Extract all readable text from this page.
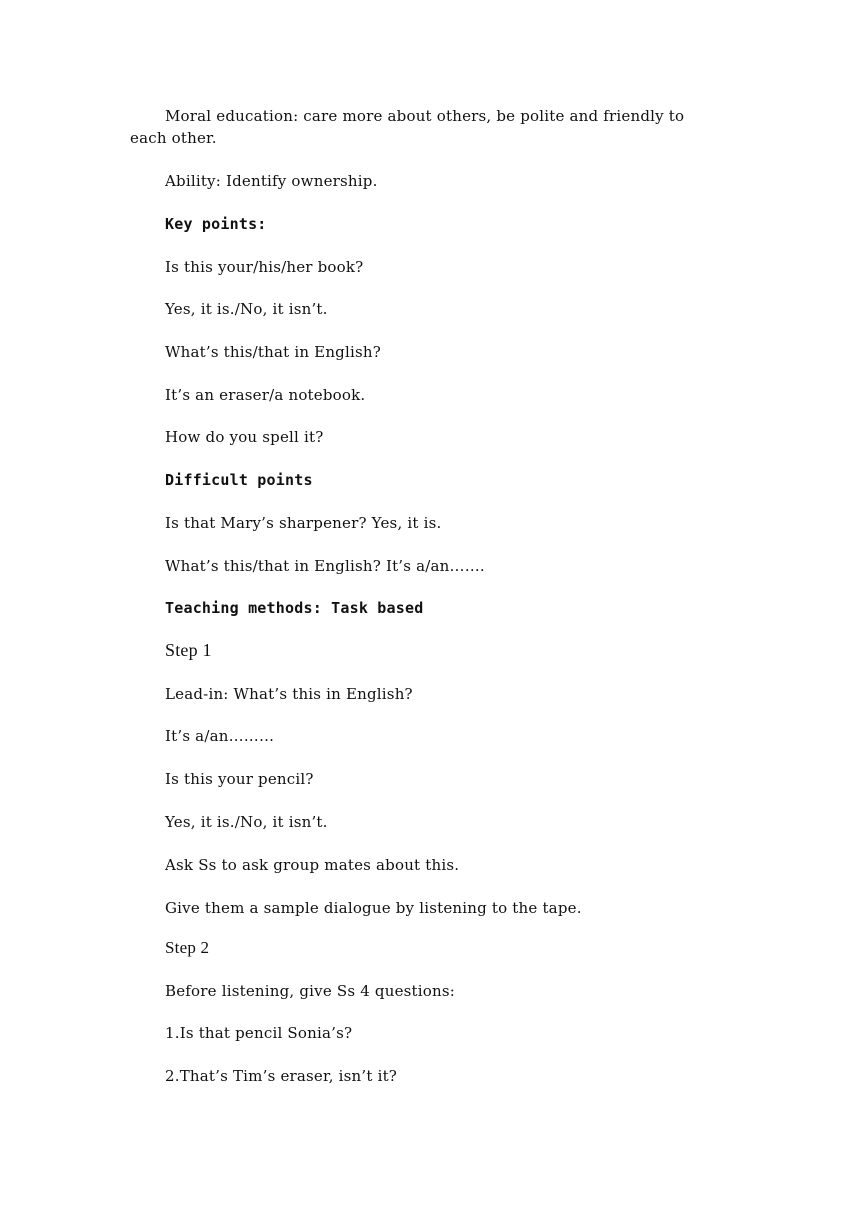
Moral education: care more about others, be polite and friendly to
each other.
Ability: Identify ownership.
Key points:
Is this your/his/her book?
Yes, it is./No, it isn’t.
What’s this/that in English?
It’s an eraser/a notebook.
How do you spell it?
Difficult points
Is that Mary’s sharpener? Yes, it is.
What’s this/that in English? It’s a/an…….
Teaching methods: Task based
Step 1
Lead-in: What’s this in English?
It’s a/an………
Is this your pencil?
Yes, it is./No, it isn’t.
Ask Ss to ask group mates about this.
Give them a sample dialogue by listening to the tape.
Step 2
Before listening, give Ss 4 questions:
1.Is that pencil Sonia’s?
2.That’s Tim’s eraser, isn’t it?
